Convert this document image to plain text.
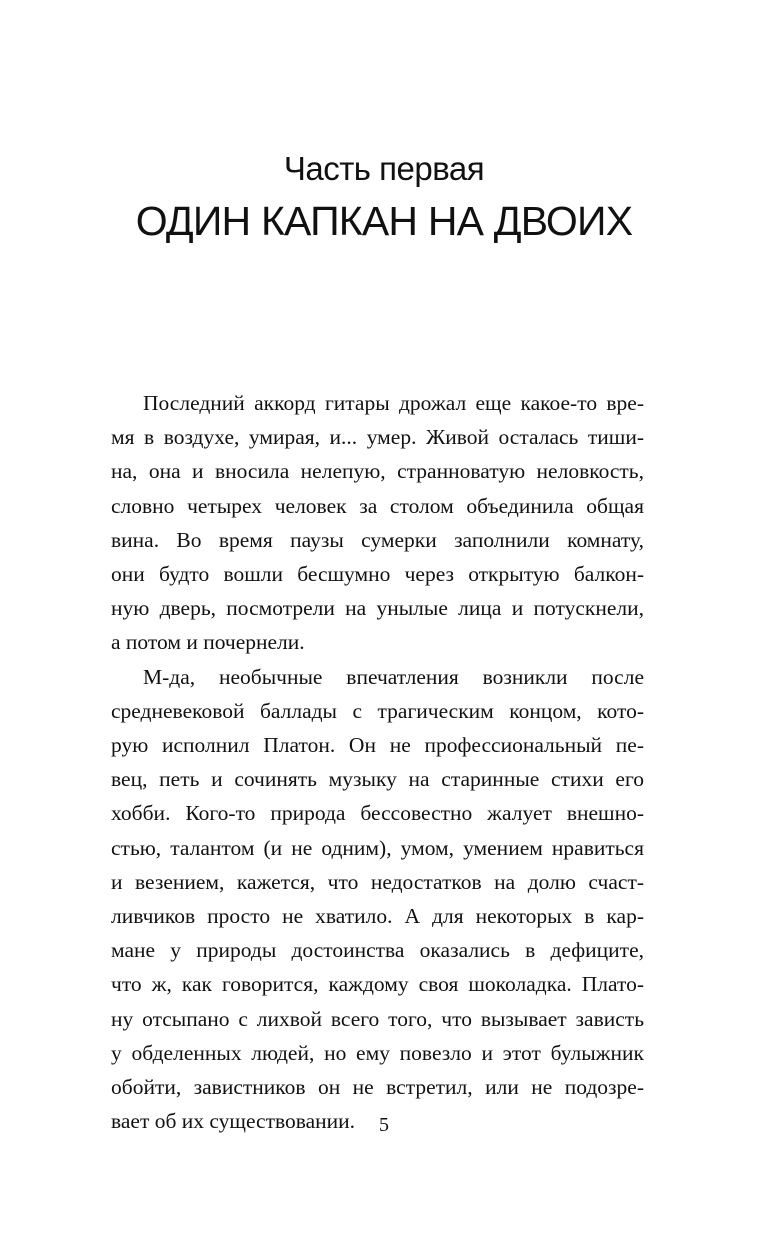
Часть первая
ОДИН КАПКАН НА ДВОИХ

Последний аккорд гитары дрожал еще какое-то вре-
мя в воздухе, умирая, и... умер. Живой осталась тиши-
на, она и вносила нелепую, странноватую неловкость,
словно четырех человек за столом объединила общая
вина. Во время паузы сумерки заполнили комнату,
они будто вошли бесшумно через открытую балкон-
ную дверь, посмотрели на унылые лица и потускнели,
а потом и почернели.

М-да, необычные впечатления возникли после
средневековой баллады с трагическим концом, кото-
рую исполнил Платон. Он не профессиональный пе-
вец, петь и сочинять музыку на старинные стихи его
хобби. Кого-то природа бессовестно жалует внешно-
стью, талантом (и не одним), умом, умением нравиться
и везением, кажется, что недостатков на долю счаст-
ливчиков просто не хватило. А для некоторых в кар-
мане у природы достоинства оказались в дефиците,
что ж, как говорится, каждому своя шоколадка. Плато-
ну отсыпано с лихвой всего того, что вызывает зависть
у обделенных людей, но ему повезло и этот булыжник
обойти, завистников он не встретил, или не подозре-
вает об их существовании.	5
